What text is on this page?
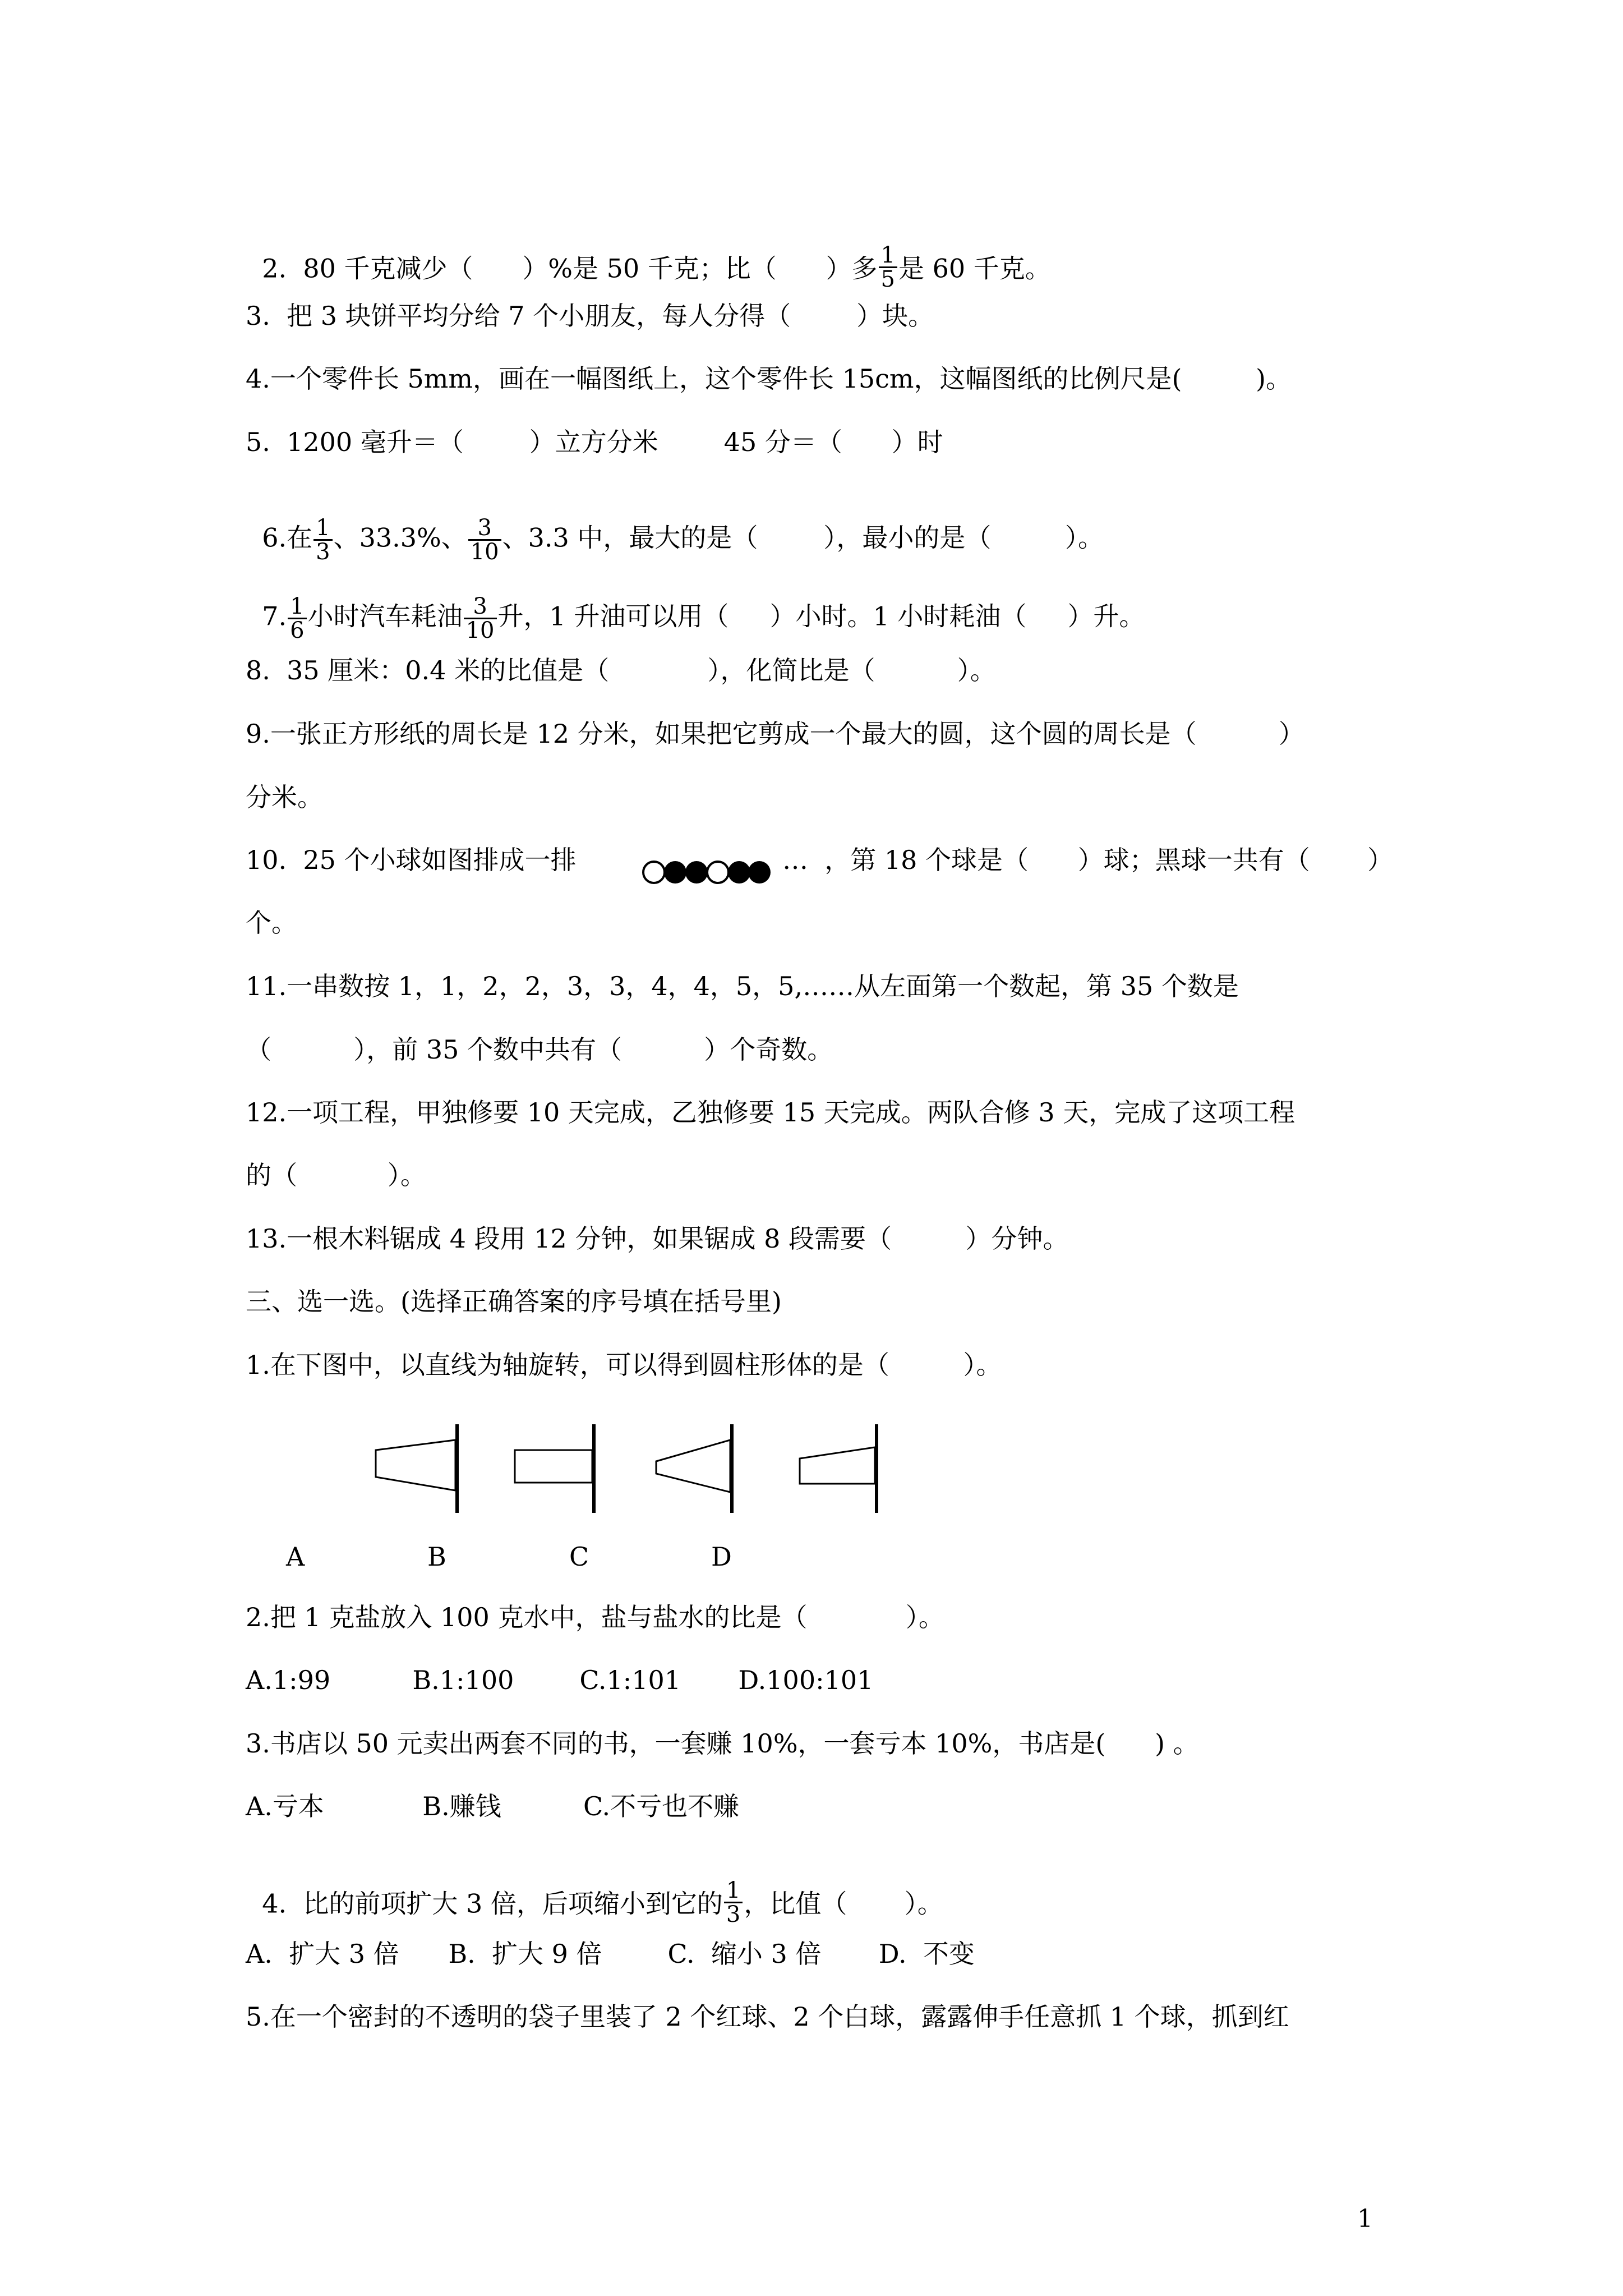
2.  80 千克减少（      ）%是 50 千克；比（      ）多 $\frac{1}{5}$ 是 60 千克。

3.  把 3 块饼平均分给 7 个小朋友，每人分得（        ）块。
4.一个零件长 5mm，画在一幅图纸上，这个零件长 15cm，这幅图纸的比例尺是(         )。
5.  1200 毫升＝（        ）立方分米        45 分＝（      ）时

6.在 $\frac{1}{3}$ 、33.3%、 $\frac{3}{10}$ 、3.3 中，最大的是（        ），最小的是（         ）。

7. $\frac{1}{6}$ 小时汽车耗油 $\frac{3}{10}$ 升，1 升油可以用（     ）小时。1 小时耗油（     ）升。

8.  35 厘米：0.4 米的比值是（            ），化简比是（          ）。
9.一张正方形纸的周长是 12 分米，如果把它剪成一个最大的圆，这个圆的周长是（          ）
分米。
10.  25 个小球如图排成一排	…  ，第 18 个球是（      ）球；黑球一共有（       ）
个。
11.一串数按 1，1，2，2，3，3，4，4，5，5,……从左面第一个数起，第 35 个数是
（          ），前 35 个数中共有（          ）个奇数。
12.一项工程，甲独修要 10 天完成，乙独修要 15 天完成。两队合修 3 天，完成了这项工程
的（           ）。
13.一根木料锯成 4 段用 12 分钟，如果锯成 8 段需要（         ）分钟。
三、选一选。(选择正确答案的序号填在括号里)
1.在下图中，以直线为轴旋转，可以得到圆柱形体的是（         ）。
A	B	C	D
2.把 1 克盐放入 100 克水中，盐与盐水的比是（            ）。
A.1:99          B.1:100        C.1:101       D.100:101
3.书店以 50 元卖出两套不同的书，一套赚 10%，一套亏本 10%，书店是(      ) 。
A.亏本            B.赚钱          C.不亏也不赚

4.  比的前项扩大 3 倍，后项缩小到它的 $\frac{1}{3}$ ，比值（       ）。

A.  扩大 3 倍      B.  扩大 9 倍        C.  缩小 3 倍       D.  不变
5.在一个密封的不透明的袋子里装了 2 个红球、2 个白球，露露伸手任意抓 1 个球，抓到红
1
